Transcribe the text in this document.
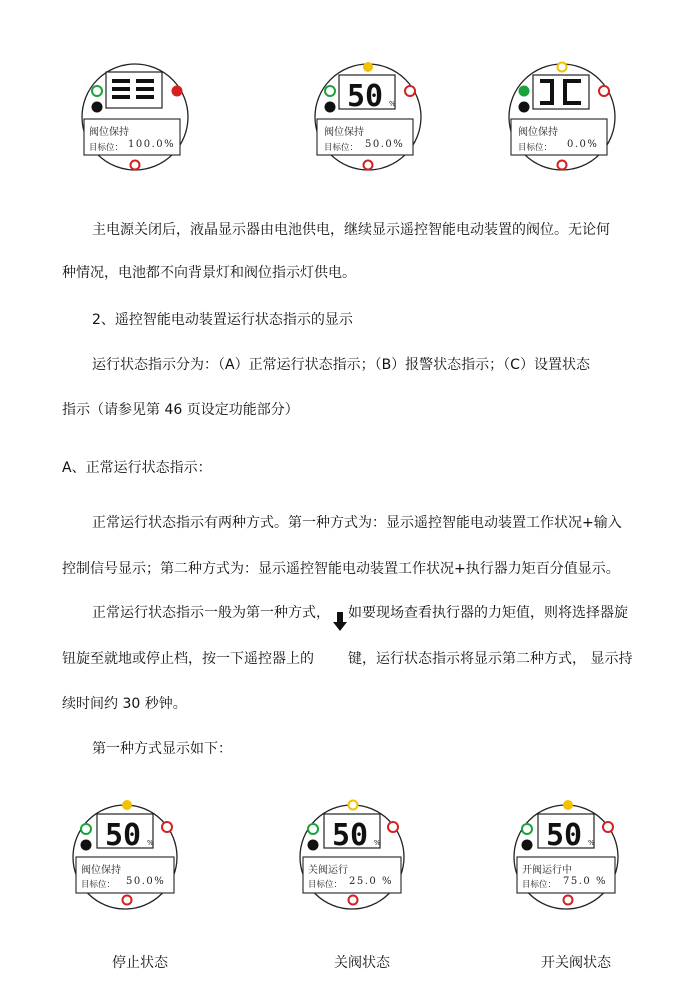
阀位保持
目标位： 100.0%
50 %
阀位保持
目标位： 50.0%
阀位保持
目标位： 0.0%
主电源关闭后，液晶显示器由电池供电，继续显示遥控智能电动装置的阀位。无论何
种情况，电池都不向背景灯和阀位指示灯供电。
2、遥控智能电动装置运行状态指示的显示
运行状态指示分为：（A）正常运行状态指示；（B）报警状态指示；（C）设置状态
指示（请参见第 46 页设定功能部分）
A、正常运行状态指示：
正常运行状态指示有两种方式。第一种方式为：显示遥控智能电动装置工作状况+输入
控制信号显示；第二种方式为：显示遥控智能电动装置工作状况+执行器力矩百分值显示。
正常运行状态指示一般为第一种方式， 如要现场查看执行器的力矩值，则将选择器旋
钮旋至就地或停止档，按一下遥控器上的 键，运行状态指示将显示第二种方式， 显示持
续时间约 30 秒钟。
第一种方式显示如下：
50 %
阀位保持
目标位： 50.0%
停止状态
50 %
关阀运行
目标位： 25.0 %
关阀状态
50 %
开阀运行中
目标位： 75.0 %
开关阀状态
